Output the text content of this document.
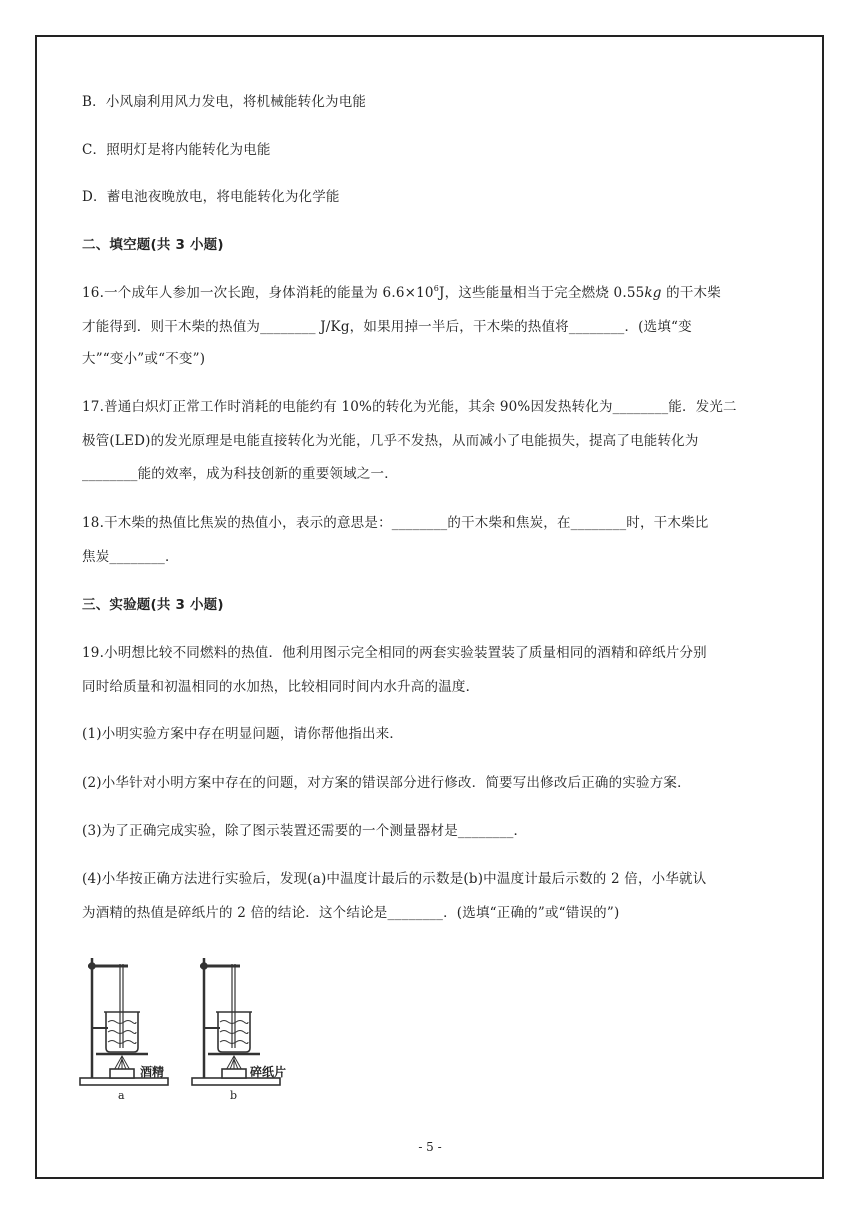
B．小风扇利用风力发电，将机械能转化为电能
C．照明灯是将内能转化为电能
D．蓄电池夜晚放电，将电能转化为化学能
二、填空题(共 3 小题)
16.一个成年人参加一次长跑，身体消耗的能量为 $6.6\times 10^6J$，这些能量相当于完全燃烧 0.55kg 的干木柴
才能得到．则干木柴的热值为________ J/Kg，如果用掉一半后，干木柴的热值将________．(选填“变
大”“变小”或“不变”)
17.普通白炽灯正常工作时消耗的电能约有 10%的转化为光能，其余 90%因发热转化为________能．发光二
极管(LED)的发光原理是电能直接转化为光能，几乎不发热，从而减小了电能损失，提高了电能转化为
________能的效率，成为科技创新的重要领域之一．
18.干木柴的热值比焦炭的热值小，表示的意思是：________的干木柴和焦炭，在________时，干木柴比
焦炭________．
三、实验题(共 3 小题)
19.小明想比较不同燃料的热值．他利用图示完全相同的两套实验装置装了质量相同的酒精和碎纸片分别
同时给质量和初温相同的水加热，比较相同时间内水升高的温度．
(1)小明实验方案中存在明显问题，请你帮他指出来．
(2)小华针对小明方案中存在的问题，对方案的错误部分进行修改．简要写出修改后正确的实验方案．
(3)为了正确完成实验，除了图示装置还需要的一个测量器材是________．
(4)小华按正确方法进行实验后，发现(a)中温度计最后的示数是(b)中温度计最后示数的 2 倍，小华就认
为酒精的热值是碎纸片的 2 倍的结论．这个结论是________．(选填“正确的”或“错误的”)
酒精
a
碎纸片
b
- 5 -
